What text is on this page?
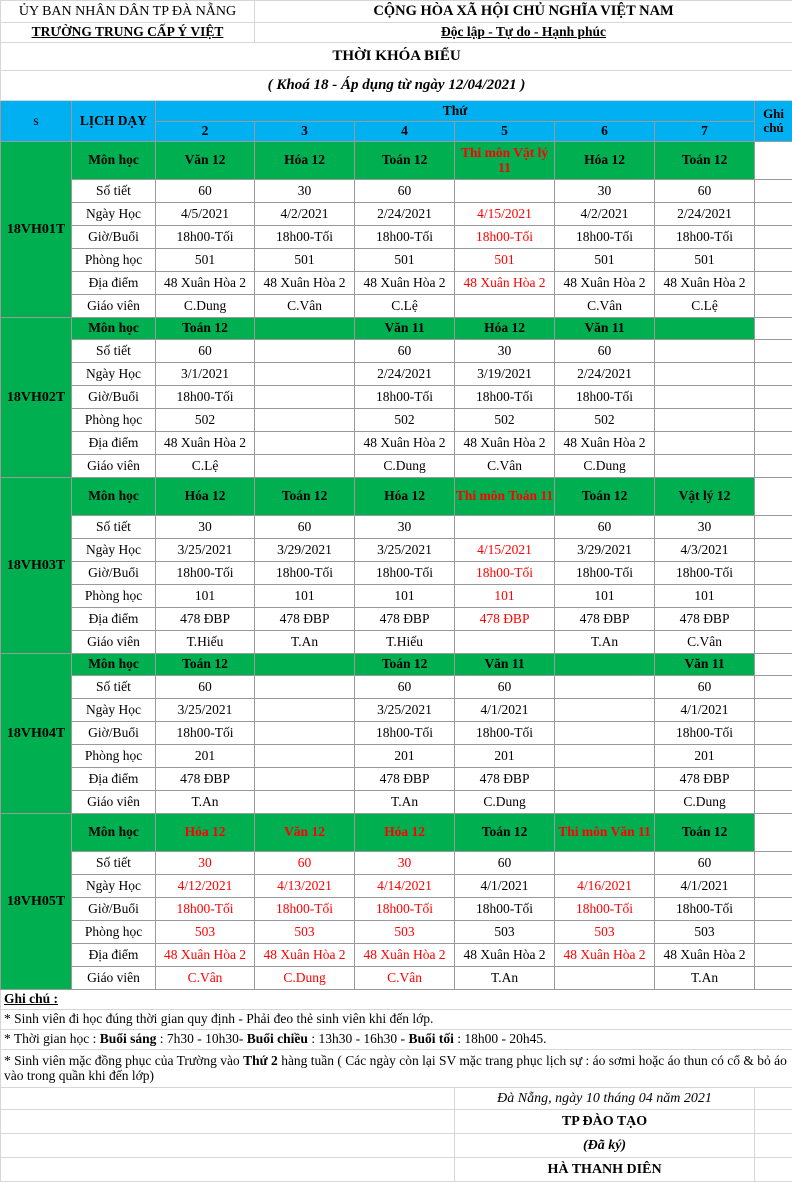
ỦY BAN NHÂN DÂN TP ĐÀ NẴNG			CỘNG HÒA XÃ HỘI CHỦ NGHĨA VIỆT NAM					
TRƯỜNG TRUNG CẤP Ý VIỆT			Độc lập - Tự do - Hạnh phúc					
THỜI KHÓA BIỂU								
( Khoá 18 - Áp dụng từ ngày 12/04/2021 )								
s	LỊCH DẠY	Thứ						Ghi chú
		2	3	4	5	6	7	
18VH01T	Môn học	Văn 12	Hóa 12	Toán 12	Thi môn Vật lý 11	Hóa 12	Toán 12	
	Số tiết	60	30	60		30	60	
	Ngày Học	4/5/2021	4/2/2021	2/24/2021	4/15/2021	4/2/2021	2/24/2021	
	Giờ/Buổi	18h00-Tối	18h00-Tối	18h00-Tối	18h00-Tối	18h00-Tối	18h00-Tối	
	Phòng học	501	501	501	501	501	501	
	Địa điểm	48 Xuân Hòa 2	48 Xuân Hòa 2	48 Xuân Hòa 2	48 Xuân Hòa 2	48 Xuân Hòa 2	48 Xuân Hòa 2	
	Giáo viên	C.Dung	C.Vân	C.Lệ		C.Vân	C.Lệ	
18VH02T	Môn học	Toán 12		Văn 11	Hóa 12	Văn 11		
	Số tiết	60		60	30	60		
	Ngày Học	3/1/2021		2/24/2021	3/19/2021	2/24/2021		
	Giờ/Buổi	18h00-Tối		18h00-Tối	18h00-Tối	18h00-Tối		
	Phòng học	502		502	502	502		
	Địa điểm	48 Xuân Hòa 2		48 Xuân Hòa 2	48 Xuân Hòa 2	48 Xuân Hòa 2		
	Giáo viên	C.Lệ		C.Dung	C.Vân	C.Dung		
18VH03T	Môn học	Hóa 12	Toán 12	Hóa 12	Thi môn Toán 11	Toán 12	Vật lý 12	
	Số tiết	30	60	30		60	30	
	Ngày Học	3/25/2021	3/29/2021	3/25/2021	4/15/2021	3/29/2021	4/3/2021	
	Giờ/Buổi	18h00-Tối	18h00-Tối	18h00-Tối	18h00-Tối	18h00-Tối	18h00-Tối	
	Phòng học	101	101	101	101	101	101	
	Địa điểm	478 ĐBP	478 ĐBP	478 ĐBP	478 ĐBP	478 ĐBP	478 ĐBP	
	Giáo viên	T.Hiếu	T.An	T.Hiếu		T.An	C.Vân	
18VH04T	Môn học	Toán 12		Toán 12	Văn 11		Văn 11	
	Số tiết	60		60	60		60	
	Ngày Học	3/25/2021		3/25/2021	4/1/2021		4/1/2021	
	Giờ/Buổi	18h00-Tối		18h00-Tối	18h00-Tối		18h00-Tối	
	Phòng học	201		201	201		201	
	Địa điểm	478 ĐBP		478 ĐBP	478 ĐBP		478 ĐBP	
	Giáo viên	T.An		T.An	C.Dung		C.Dung	
18VH05T	Môn học	Hóa 12	Văn 12	Hóa 12	Toán 12	Thi môn Văn 11	Toán 12	
	Số tiết	30	60	30	60		60	
	Ngày Học	4/12/2021	4/13/2021	4/14/2021	4/1/2021	4/16/2021	4/1/2021	
	Giờ/Buổi	18h00-Tối	18h00-Tối	18h00-Tối	18h00-Tối	18h00-Tối	18h00-Tối	
	Phòng học	503	503	503	503	503	503	
	Địa điểm	48 Xuân Hòa 2	48 Xuân Hòa 2	48 Xuân Hòa 2	48 Xuân Hòa 2	48 Xuân Hòa 2	48 Xuân Hòa 2	
	Giáo viên	C.Vân	C.Dung	C.Vân	T.An		T.An	
Ghi chú :								
* Sinh viên đi học đúng thời gian quy định - Phải đeo thẻ sinh viên khi đến lớp.								
* Thời gian học : Buổi sáng : 7h30 - 10h30- Buổi chiều : 13h30 - 16h30 - Buổi tối : 18h00 - 20h45.								
* Sinh viên mặc đồng phục của Trường vào Thứ 2 hàng tuần ( Các ngày còn lại SV mặc trang phục lịch sự : áo sơmi hoặc áo thun có cổ & bỏ áo vào trong quần khi đến lớp)								
					Đà Nẵng, ngày 10 tháng 04 năm 2021			
					TP ĐÀO TẠO			
					(Đã ký)			
					HÀ THANH DIÊN			
